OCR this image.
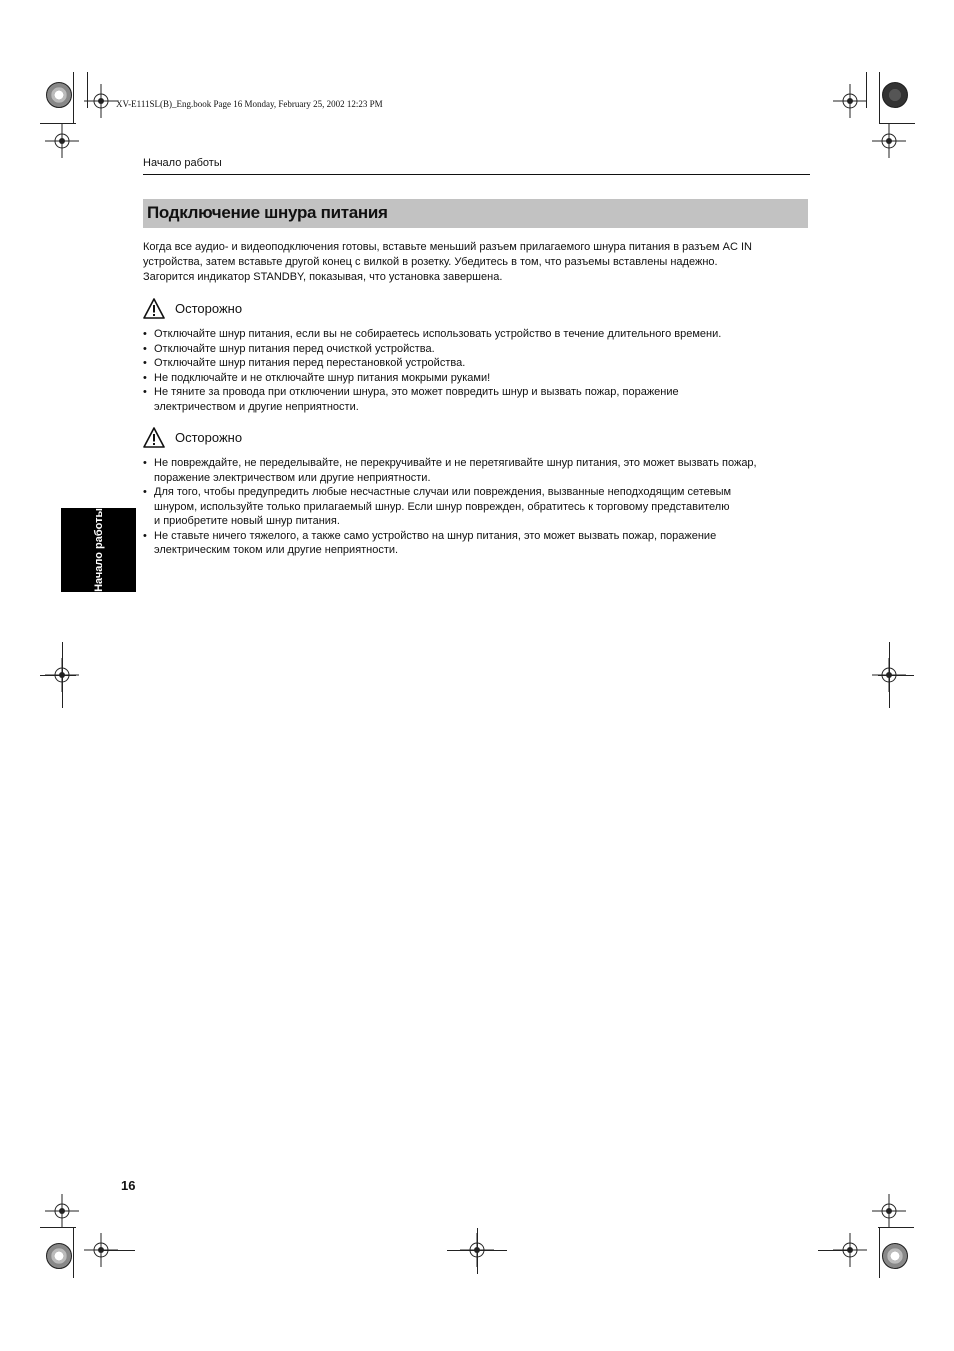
XV-E111SL(B)_Eng.book Page 16 Monday, February 25, 2002 12:23 PM
Начало работы
Подключение шнура питания

Когда все аудио- и видеоподключения готовы, вставьте меньший разъем прилагаемого шнура питания в разъем AC IN

устройства, затем вставьте другой конец с вилкой в розетку. Убедитесь в том, что разъемы вставлены надежно.

Загорится индикатор STANDBY, показывая, что установка завершена.

Осторожно
• Отключайте шнур питания, если вы не собираетесь использовать устройство в течение длительного времени.
• Отключайте шнур питания перед очисткой устройства.
• Отключайте шнур питания перед перестановкой устройства.
• Не подключайте и не отключайте шнур питания мокрыми руками!
• Не тяните за провода при отключении шнура, это может повредить шнур и вызвать пожар, поражение
электричеством и другие неприятности.
Осторожно
• Не повреждайте, не переделывайте, не перекручивайте и не перетягивайте шнур питания, это может вызвать пожар,
поражение электричеством или другие неприятности.
• Для того, чтобы предупредить любые несчастные случаи или повреждения, вызванные неподходящим сетевым
шнуром, используйте только прилагаемый шнур. Если шнур поврежден, обратитесь к торговому представителю
и приобретите новый шнур питания.
• Не ставьте ничего тяжелого, а также само устройство на шнур питания, это может вызвать пожар, поражение
электрическим током или другие неприятности.
Начало работы
16
